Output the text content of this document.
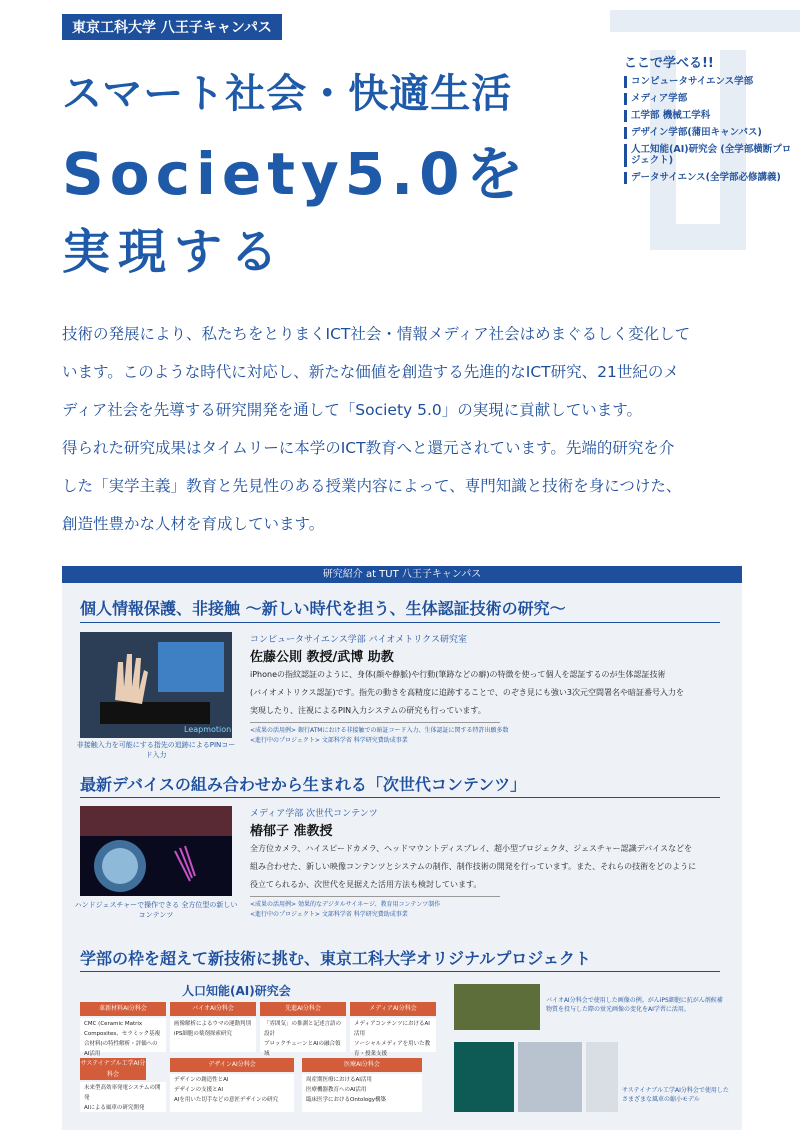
東京工科大学 八王子キャンパス
スマート社会・快適生活
Society5.0を
実現する
ここで学べる!!
コンピュータサイエンス学部
メディア学部
工学部 機械工学科
デザイン学部(蒲田キャンパス)
人工知能(AI)研究会 (全学部横断プロジェクト)
データサイエンス(全学部必修講義)
技術の発展により、私たちをとりまくICT社会・情報メディア社会はめまぐるしく変化して
います。このような時代に対応し、新たな価値を創造する先進的なICT研究、21世紀のメ
ディア社会を先導する研究開発を通して「Society 5.0」の実現に貢献しています。
得られた研究成果はタイムリーに本学のICT教育へと還元されています。先端的研究を介
した「実学主義」教育と先見性のある授業内容によって、専門知識と技術を身につけた、
創造性豊かな人材を育成しています。
研究紹介 at TUT 八王子キャンパス
個人情報保護、非接触 ～新しい時代を担う、生体認証技術の研究～
Leapmotion
非接触入力を可能にする指先の追跡によるPINコード入力
コンピュータサイエンス学部 バイオメトリクス研究室
佐藤公則 教授/武博 助教
iPhoneの指紋認証のように、身体(顔や静脈)や行動(筆跡などの癖)の特徴を使って個人を認証するのが生体認証技術
(バイオメトリクス認証)です。指先の動きを高精度に追跡することで、のぞき見にも強い3次元空間署名や暗証番号入力を
実現したり、注視によるPIN入力システムの研究も行っています。
<成果の活用例> 銀行ATMにおける非接触での暗証コード入力、生体認証に関する特許出願多数
<進行中のプロジェクト> 文部科学省 科学研究費助成事業
最新デバイスの組み合わせから生まれる「次世代コンテンツ」
ハンドジェスチャーで操作できる 全方位型の新しいコンテンツ
メディア学部 次世代コンテンツ
椿郁子 准教授
全方位カメラ、ハイスピードカメラ、ヘッドマウントディスプレイ、超小型プロジェクタ、ジェスチャー認識デバイスなどを
組み合わせた、新しい映像コンテンツとシステムの制作、制作技術の開発を行っています。また、それらの技術をどのように
役立てられるか、次世代を見据えた活用方法も検討しています。
<成果の活用例> 効果的なデジタルサイネージ、教育用コンテンツ制作
<進行中のプロジェクト> 文部科学省 科学研究費助成事業
学部の枠を超えて新技術に挑む、東京工科大学オリジナルプロジェクト
人口知能(AI)研究会
革新材料AI分科会
CMC (Ceramic Matrix Composites、セラミック基複合材料)の特性解析・評価へのAI活用
バイオAI分科会
画像解析によるウマの運動判別
iPS細胞の薬剤探索研究
先進AI分科会
「雰囲気」の推測と記述言語の設計
ブロックチェーンとAIの融合領域
メディアAI分科会
メディアコンテンツにおけるAI活用
ソーシャルメディアを用いた教育・授業支援
サステイナブル工学AI分科会
未来型高効率発電システムの開発
AIによる風車の研究開発
デザインAI分科会
デザインの創造性とAI
デザインの支援とAI
AIを用いた切手などの意匠デザインの研究
医療AI分科会
周産期医療におけるAI活用
医療機器教育へのAI活用
臨床医学におけるOntology構築
バイオAI分科会で使用した画像の例。がんiPS細胞に抗がん剤候補物質を投与した際の蛍光画像の変化をAI学習に活用。
サステイナブル工学AI分科会で使用したさまざまな風車の縮小モデル
